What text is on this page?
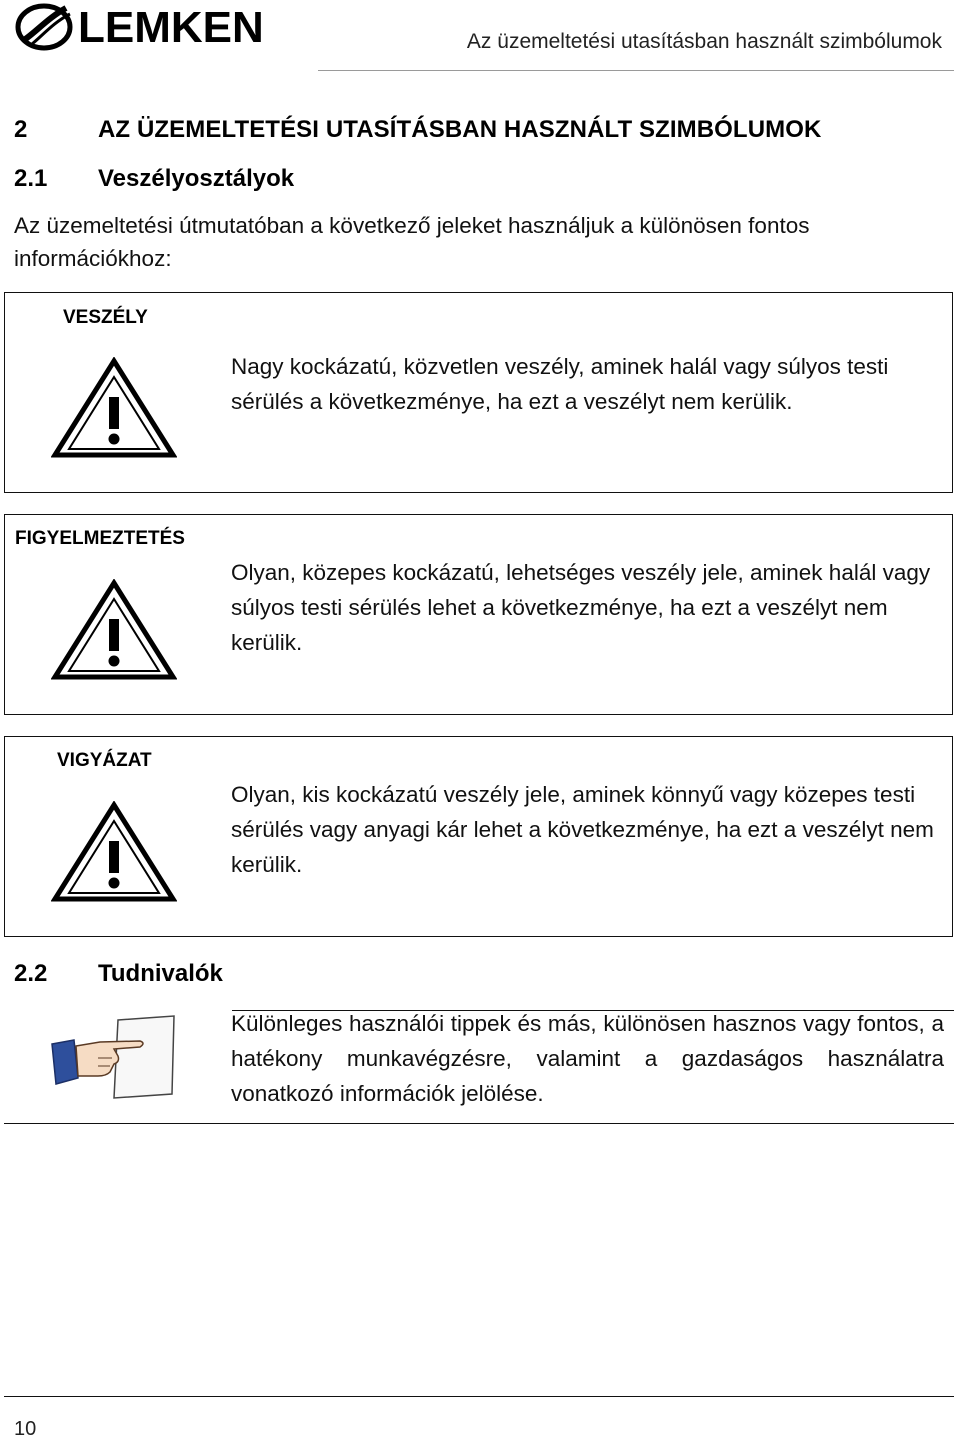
LEMKEN	Az üzemeltetési utasításban használt szimbólumok
2	AZ ÜZEMELTETÉSI UTASÍTÁSBAN HASZNÁLT SZIMBÓLUMOK
2.1 Veszélyosztályok
Az üzemeltetési útmutatóban a következő jeleket használjuk a különösen fontos információkhoz:
VESZÉLY
Nagy kockázatú, közvetlen veszély, aminek halál vagy súlyos testi sérülés a következménye, ha ezt a veszélyt nem kerülik.
FIGYELMEZTETÉS
Olyan, közepes kockázatú, lehetséges veszély jele, aminek halál vagy súlyos testi sérülés lehet a következménye, ha ezt a veszélyt nem kerülik.
VIGYÁZAT
Olyan, kis kockázatú veszély jele, aminek könnyű vagy közepes testi sérülés vagy anyagi kár lehet a következménye, ha ezt a veszélyt nem kerülik.
2.2 Tudnivalók
Különleges használói tippek és más, különösen hasznos vagy fontos, a hatékony munkavégzésre, valamint a gazdaságos használatra vonatkozó információk jelölése.
10
